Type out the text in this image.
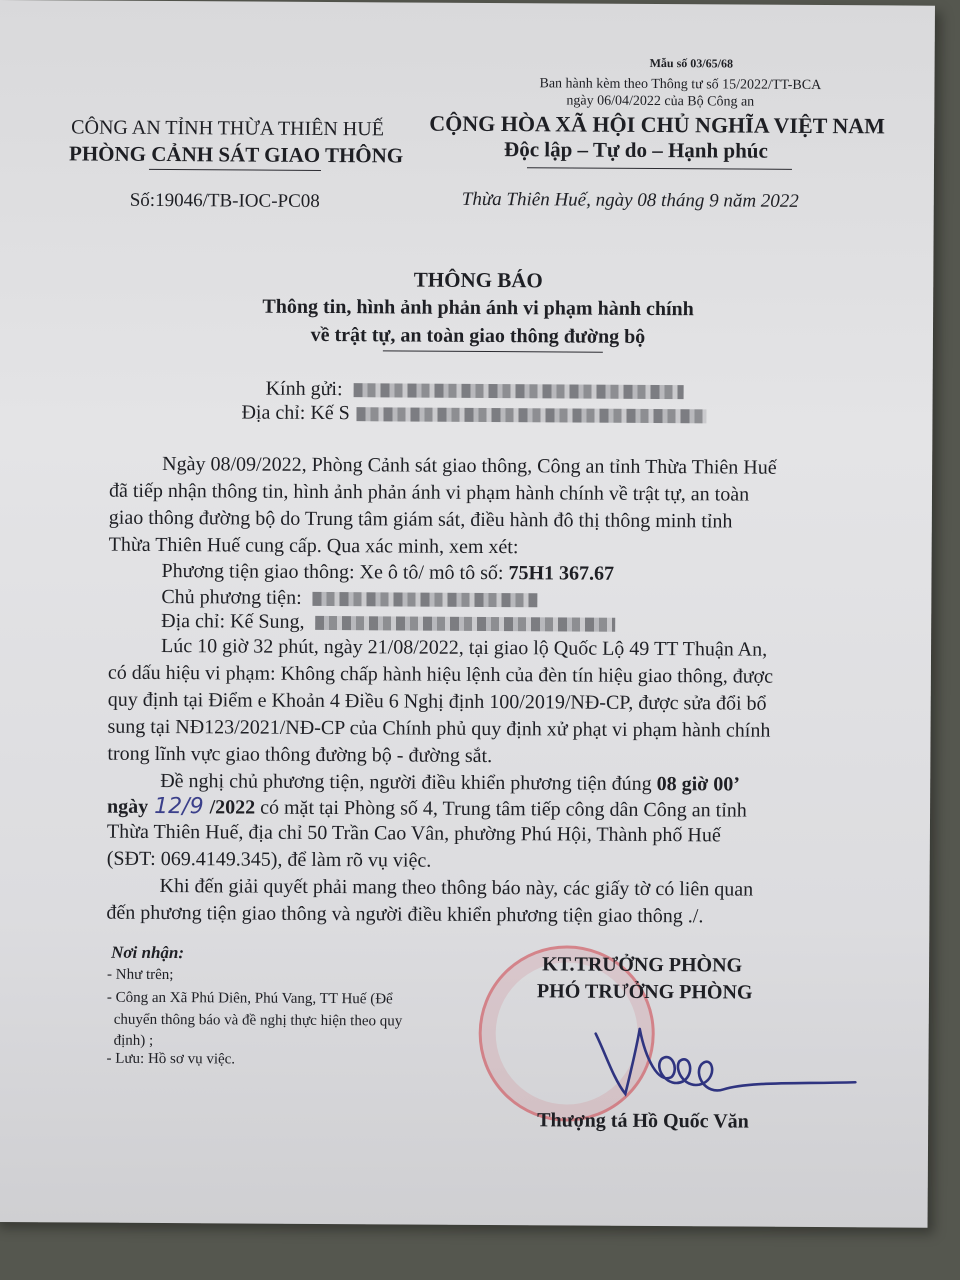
Mẫu số 03/65/68
Ban hành kèm theo Thông tư số 15/2022/TT-BCA
ngày 06/04/2022 của Bộ Công an
CÔNG AN TỈNH THỪA THIÊN HUẾ
PHÒNG CẢNH SÁT GIAO THÔNG
CỘNG HÒA XÃ HỘI CHỦ NGHĨA VIỆT NAM
Độc lập – Tự do – Hạnh phúc
Số:19046/TB-IOC-PC08	Thừa Thiên Huế, ngày 08 tháng 9 năm 2022
THÔNG BÁO
Thông tin, hình ảnh phản ánh vi phạm hành chính
về trật tự, an toàn giao thông đường bộ
Kính gửi:
Địa chỉ: Kế S
Ngày 08/09/2022, Phòng Cảnh sát giao thông, Công an tỉnh Thừa Thiên Huế
đã tiếp nhận thông tin, hình ảnh phản ánh vi phạm hành chính về trật tự, an toàn
giao thông đường bộ do Trung tâm giám sát, điều hành đô thị thông minh tỉnh
Thừa Thiên Huế cung cấp. Qua xác minh, xem xét:
Phương tiện giao thông: Xe ô tô/ mô tô số: 75H1 367.67
Chủ phương tiện:
Địa chỉ: Kế Sung,
Lúc 10 giờ 32 phút, ngày 21/08/2022, tại giao lộ Quốc Lộ 49 TT Thuận An,
có dấu hiệu vi phạm: Không chấp hành hiệu lệnh của đèn tín hiệu giao thông, được
quy định tại Điểm e Khoản 4 Điều 6 Nghị định 100/2019/NĐ-CP, được sửa đổi bổ
sung tại NĐ123/2021/NĐ-CP của Chính phủ quy định xử phạt vi phạm hành chính
trong lĩnh vực giao thông đường bộ - đường sắt.
Đề nghị chủ phương tiện, người điều khiển phương tiện đúng 08 giờ 00’
ngày 12/9 /2022 có mặt tại Phòng số 4, Trung tâm tiếp công dân Công an tỉnh
Thừa Thiên Huế, địa chỉ 50 Trần Cao Vân, phường Phú Hội, Thành phố Huế
(SĐT: 069.4149.345), để làm rõ vụ việc.
Khi đến giải quyết phải mang theo thông báo này, các giấy tờ có liên quan
đến phương tiện giao thông và người điều khiển phương tiện giao thông ./.
Nơi nhận:
- Như trên;
- Công an Xã Phú Diên, Phú Vang, TT Huế (Để
chuyển thông báo và đề nghị thực hiện theo quy
định) ;
- Lưu: Hồ sơ vụ việc.
KT.TRƯỞNG PHÒNG
PHÓ TRƯỞNG PHÒNG
Thượng tá Hồ Quốc Văn
